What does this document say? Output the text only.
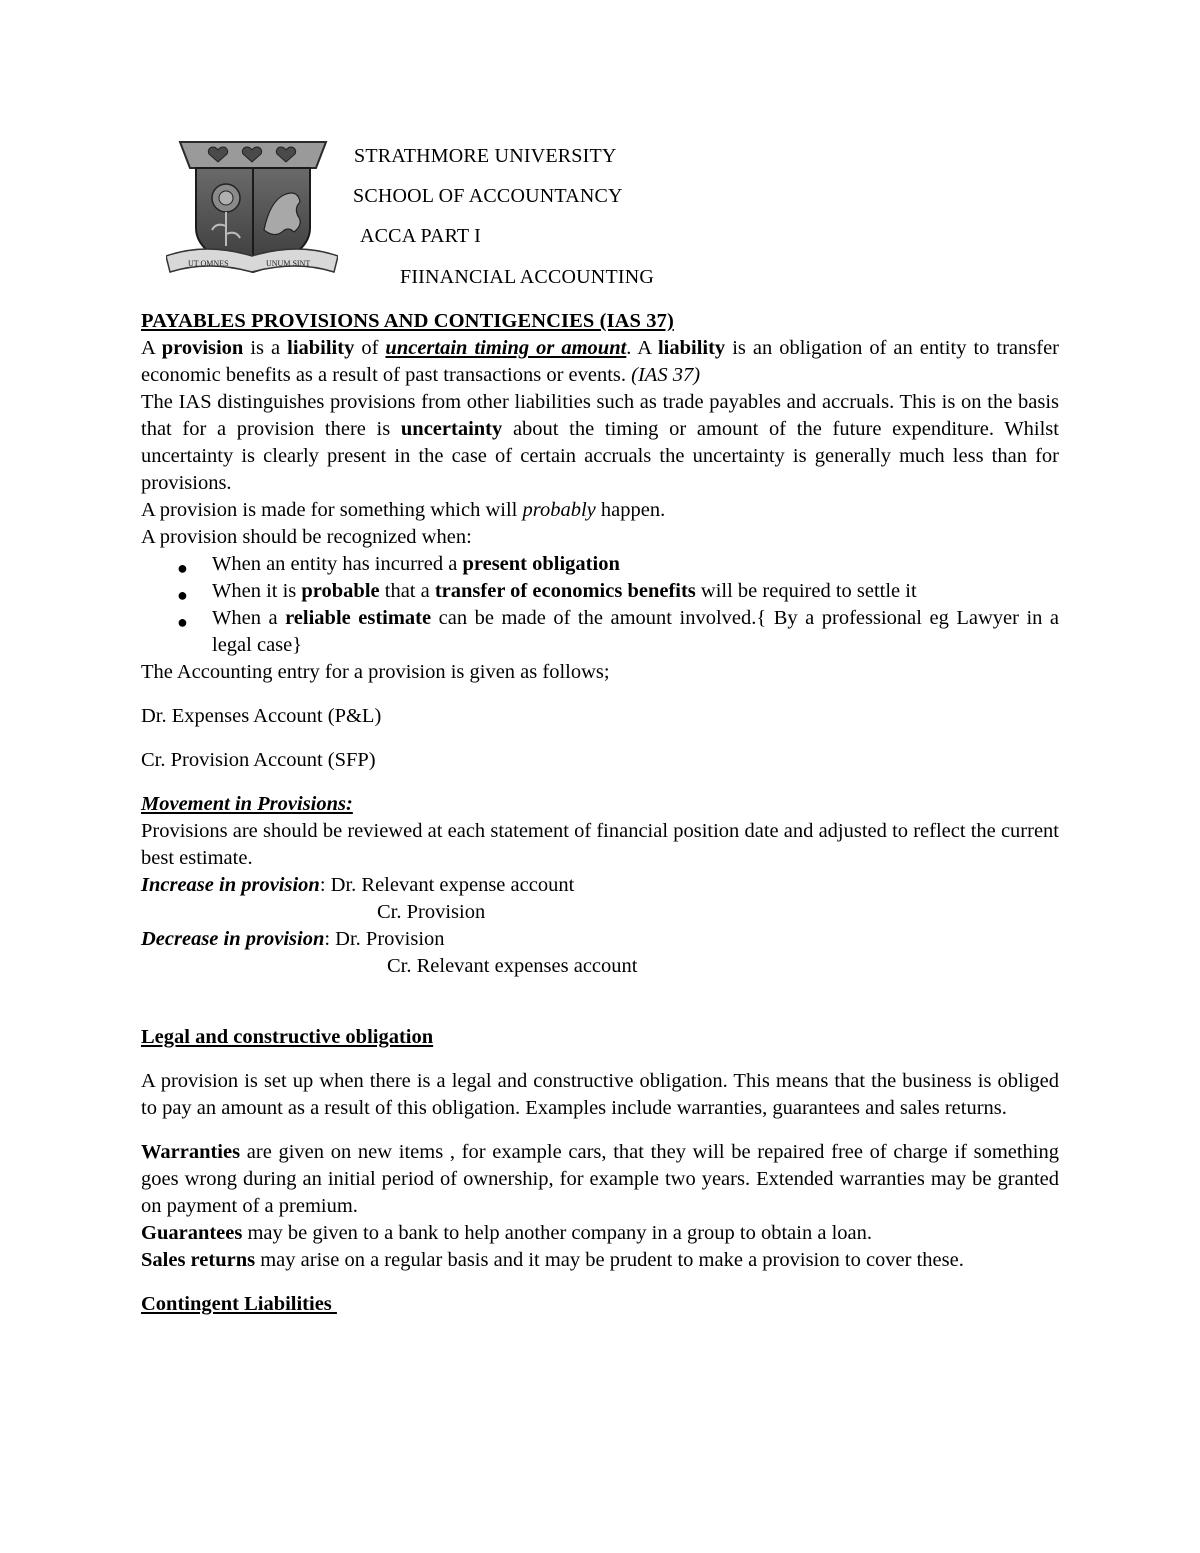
UT OMNES	UNUM SINT
STRATHMORE UNIVERSITY
SCHOOL OF ACCOUNTANCY
ACCA PART I
FIINANCIAL ACCOUNTING

PAYABLES PROVISIONS AND CONTIGENCIES (IAS 37)

A provision is a liability of uncertain timing or amount. A liability is an obligation of an entity to transfer economic benefits as a result of past transactions or events. (IAS 37)

The IAS distinguishes provisions from other liabilities such as trade payables and accruals. This is on the basis that for a provision there is uncertainty about the timing or amount of the future expenditure. Whilst uncertainty is clearly present in the case of certain accruals the uncertainty is generally much less than for provisions.

A provision is made for something which will probably happen.

A provision should be recognized when:

● When an entity has incurred a present obligation
● When it is probable that a transfer of economics benefits will be required to settle it
● When a reliable estimate can be made of the amount involved.{ By a professional eg Lawyer in a legal case}

The Accounting entry for a provision is given as follows;

Dr. Expenses Account (P&L)

Cr. Provision Account (SFP)

Movement in Provisions:

Provisions are should be reviewed at each statement of financial position date and adjusted to reflect the current best estimate.

Increase in provision: Dr. Relevant expense account

Cr. Provision

Decrease in provision: Dr. Provision

Cr. Relevant expenses account

Legal and constructive obligation

A provision is set up when there is a legal and constructive obligation. This means that the business is obliged to pay an amount as a result of this obligation. Examples include warranties, guarantees and sales returns.

Warranties are given on new items , for example cars, that they will be repaired free of charge if something goes wrong during an initial period of ownership, for example two years. Extended warranties may be granted on payment of a premium.

Guarantees may be given to a bank to help another company in a group to obtain a loan.

Sales returns may arise on a regular basis and it may be prudent to make a provision to cover these.

Contingent Liabilities
